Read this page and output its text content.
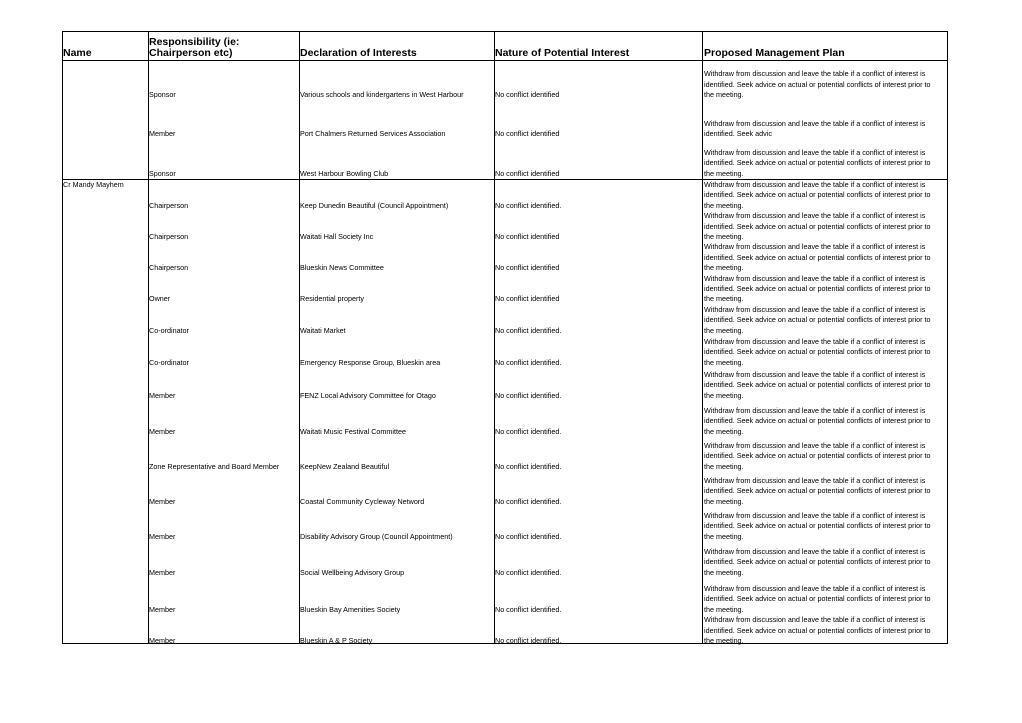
Name	Responsibility (ie: Chairperson etc)	Declaration of Interests	Nature of Potential Interest	Proposed Management Plan
	Sponsor	Various schools and kindergartens in West Harbour	No conflict identified	Withdraw from discussion and leave the table if a conflict of interest is identified. Seek advice on actual or potential conflicts of interest prior to the meeting.
	Member	Port Chalmers Returned Services Association	No conflict identified	Withdraw from discussion and leave the table if a conflict of interest is identified. Seek advic
	Sponsor	West Harbour Bowling Club	No conflict identified	Withdraw from discussion and leave the table if a conflict of interest is identified. Seek advice on actual or potential conflicts of interest prior to the meeting.
Cr Mandy Mayhem	Chairperson	Keep Dunedin Beautiful (Council Appointment)	No conflict identified.	Withdraw from discussion and leave the table if a conflict of interest is identified. Seek advice on actual or potential conflicts of interest prior to the meeting.
	Chairperson	Waitati Hall Society Inc	No conflict identified	Withdraw from discussion and leave the table if a conflict of interest is identified. Seek advice on actual or potential conflicts of interest prior to the meeting.
	Chairperson	Blueskin News Committee	No conflict identified	Withdraw from discussion and leave the table if a conflict of interest is identified. Seek advice on actual or potential conflicts of interest prior to the meeting.
	Owner	Residential property	No conflict identified	Withdraw from discussion and leave the table if a conflict of interest is identified. Seek advice on actual or potential conflicts of interest prior to the meeting.
	Co-ordinator	Waitati Market	No conflict identified.	Withdraw from discussion and leave the table if a conflict of interest is identified. Seek advice on actual or potential conflicts of interest prior to the meeting.
	Co-ordinator	Emergency Response Group, Blueskin area	No conflict identified.	Withdraw from discussion and leave the table if a conflict of interest is identified. Seek advice on actual or potential conflicts of interest prior to the meeting.
	Member	FENZ Local Advisory Committee for Otago	No conflict identified.	Withdraw from discussion and leave the table if a conflict of interest is identified. Seek advice on actual or potential conflicts of interest prior to the meeting.
	Member	Waitati Music Festival Committee	No conflict identified.	Withdraw from discussion and leave the table if a conflict of interest is identified. Seek advice on actual or potential conflicts of interest prior to the meeting.
	Zone Representative and Board Member	KeepNew Zealand Beautiful	No conflict identified.	Withdraw from discussion and leave the table if a conflict of interest is identified. Seek advice on actual or potential conflicts of interest prior to the meeting.
	Member	Coastal Community Cycleway Netword	No conflict identified.	Withdraw from discussion and leave the table if a conflict of interest is identified. Seek advice on actual or potential conflicts of interest prior to the meeting.
	Member	Disability Advisory Group (Council Appointment)	No conflict identified.	Withdraw from discussion and leave the table if a conflict of interest is identified. Seek advice on actual or potential conflicts of interest prior to the meeting.
	Member	Social Wellbeing Advisory Group	No conflict identified.	Withdraw from discussion and leave the table if a conflict of interest is identified. Seek advice on actual or potential conflicts of interest prior to the meeting.
	Member	Blueskin Bay Amenities Society	No conflict identified.	Withdraw from discussion and leave the table if a conflict of interest is identified. Seek advice on actual or potential conflicts of interest prior to the meeting.
	Member	Blueskin A & P Society	No conflict identified.	Withdraw from discussion and leave the table if a conflict of interest is identified. Seek advice on actual or potential conflicts of interest prior to the meeting.
